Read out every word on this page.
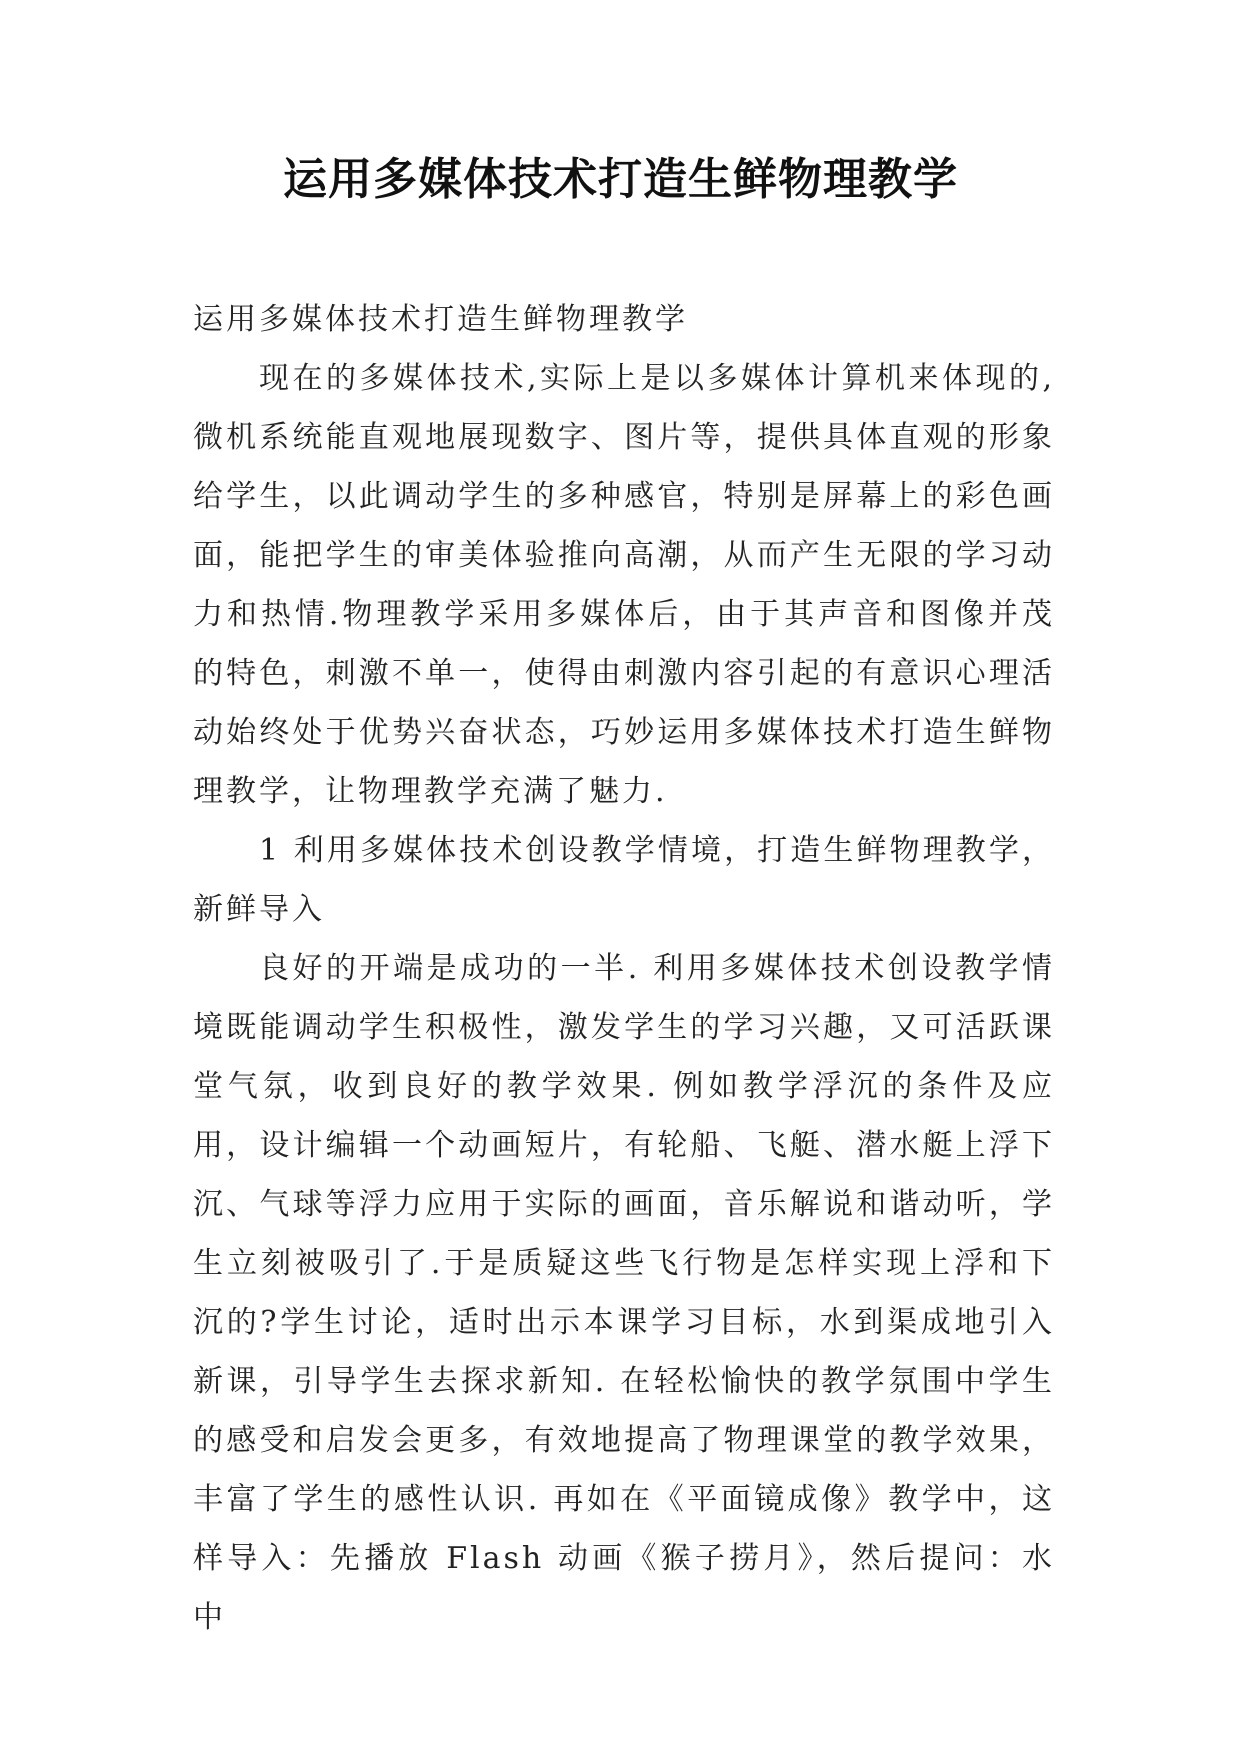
运用多媒体技术打造生鲜物理教学

运用多媒体技术打造生鲜物理教学

现在的多媒体技术,实际上是以多媒体计算机来体现的,微机系统能直观地展现数字、图片等，提供具体直观的形象给学生，以此调动学生的多种感官，特别是屏幕上的彩色画面，能把学生的审美体验推向高潮，从而产生无限的学习动力和热情.物理教学采用多媒体后，由于其声音和图像并茂的特色，刺激不单一，使得由刺激内容引起的有意识心理活动始终处于优势兴奋状态，巧妙运用多媒体技术打造生鲜物理教学，让物理教学充满了魅力.

1 利用多媒体技术创设教学情境，打造生鲜物理教学，新鲜导入

良好的开端是成功的一半. 利用多媒体技术创设教学情境既能调动学生积极性，激发学生的学习兴趣，又可活跃课堂气氛，收到良好的教学效果. 例如教学浮沉的条件及应用，设计编辑一个动画短片，有轮船、飞艇、潜水艇上浮下沉、气球等浮力应用于实际的画面，音乐解说和谐动听，学生立刻被吸引了.于是质疑这些飞行物是怎样实现上浮和下沉的?学生讨论，适时出示本课学习目标，水到渠成地引入新课，引导学生去探求新知. 在轻松愉快的教学氛围中学生的感受和启发会更多，有效地提高了物理课堂的教学效果，丰富了学生的感性认识. 再如在《平面镜成像》教学中，这样导入：先播放 Flash 动画《猴子捞月》，然后提问：水中
